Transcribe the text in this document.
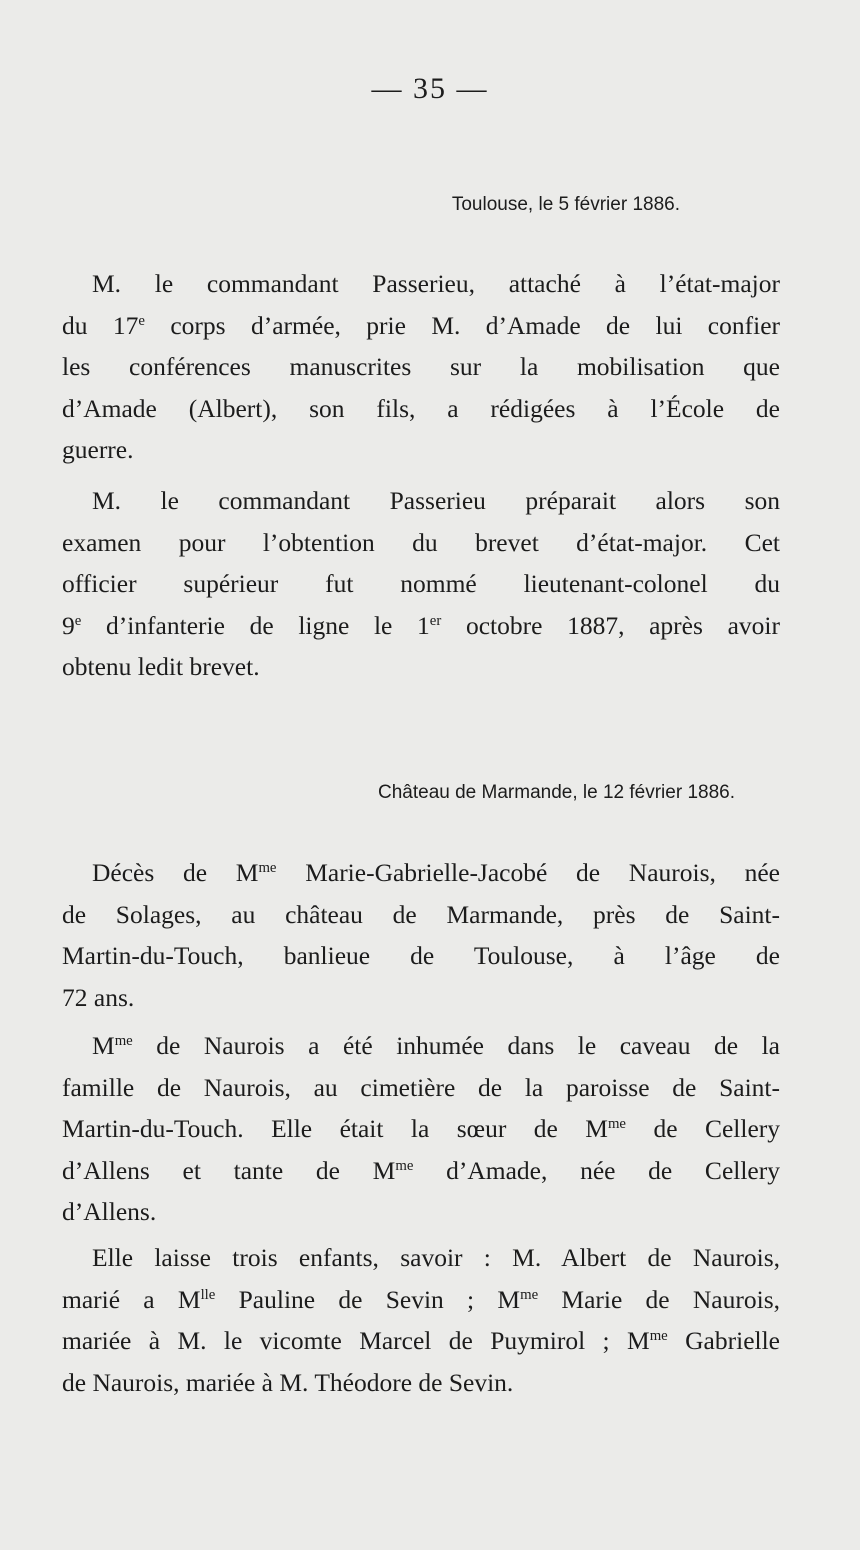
— 35 —
Toulouse, le 5 février 1886.
M. le commandant Passerieu, attaché à l’état-major
du 17e corps d’armée, prie M. d’Amade de lui confier
les conférences manuscrites sur la mobilisation que
d’Amade (Albert), son fils, a rédigées à l’École de
guerre.
M. le commandant Passerieu préparait alors son
examen pour l’obtention du brevet d’état-major. Cet
officier supérieur fut nommé lieutenant-colonel du
9e d’infanterie de ligne le 1er octobre 1887, après avoir
obtenu ledit brevet.
Château de Marmande, le 12 février 1886.
Décès de $M^{me}$ Marie-Gabrielle-Jacobé de Naurois, née
de Solages, au château de Marmande, près de Saint-
Martin-du-Touch, banlieue de Toulouse, à l’âge de
72 ans.
$M^{me}$ de Naurois a été inhumée dans le caveau de la
famille de Naurois, au cimetière de la paroisse de Saint-
Martin-du-Touch. Elle était la sœur de $M^{me}$ de Cellery
d’Allens et tante de $M^{me}$ d’Amade, née de Cellery
d’Allens.
Elle laisse trois enfants, savoir : M. Albert de Naurois,
marié a $M^{lle}$ Pauline de Sevin ; $M^{me}$ Marie de Naurois,
mariée à M. le vicomte Marcel de Puymirol ; $M^{me}$ Gabrielle
de Naurois, mariée à M. Théodore de Sevin.
